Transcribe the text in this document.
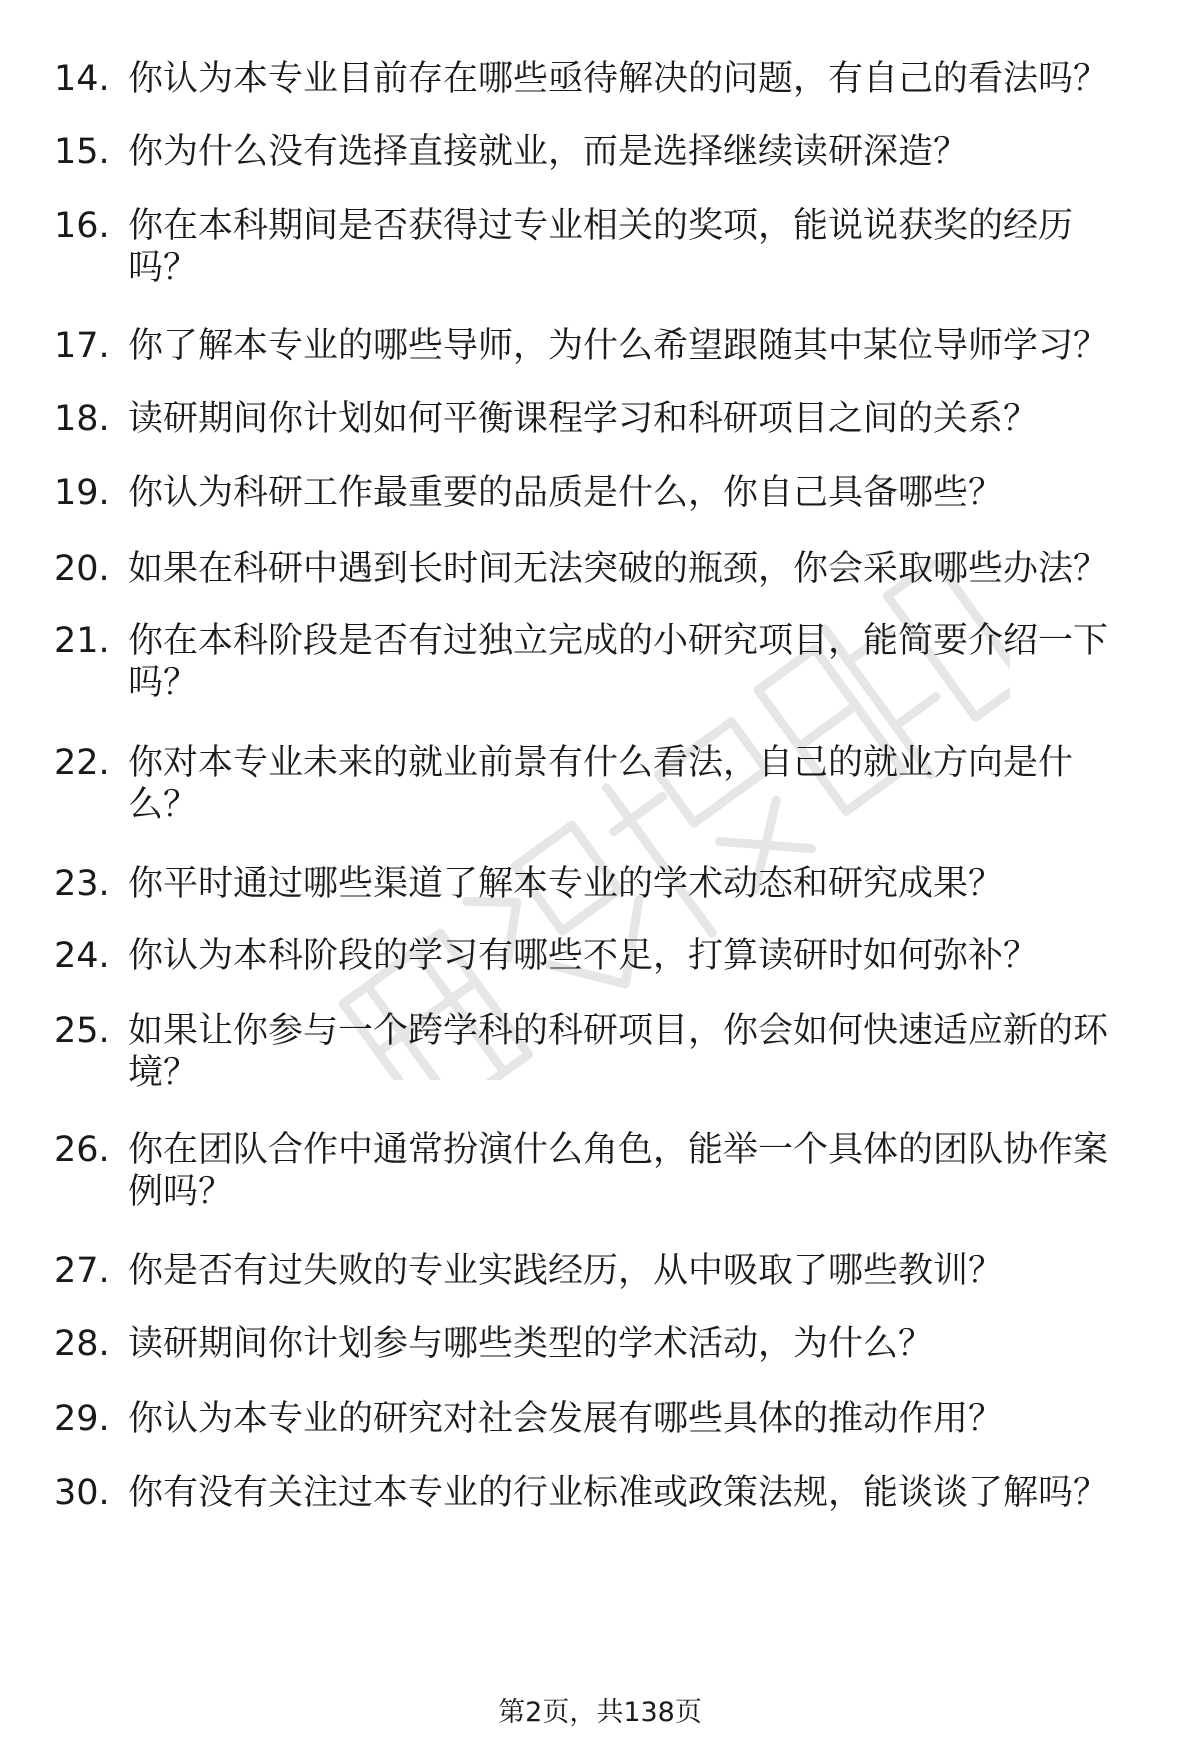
14. 你认为本专业目前存在哪些亟待解决的问题，有自己的看法吗？
15. 你为什么没有选择直接就业，而是选择继续读研深造？
16. 你在本科期间是否获得过专业相关的奖项，能说说获奖的经历吗？
17. 你了解本专业的哪些导师，为什么希望跟随其中某位导师学习？
18. 读研期间你计划如何平衡课程学习和科研项目之间的关系？
19. 你认为科研工作最重要的品质是什么，你自己具备哪些？
20. 如果在科研中遇到长时间无法突破的瓶颈，你会采取哪些办法？
21. 你在本科阶段是否有过独立完成的小研究项目，能简要介绍一下吗？
22. 你对本专业未来的就业前景有什么看法，自己的就业方向是什么？
23. 你平时通过哪些渠道了解本专业的学术动态和研究成果？
24. 你认为本科阶段的学习有哪些不足，打算读研时如何弥补？
25. 如果让你参与一个跨学科的科研项目，你会如何快速适应新的环境？
26. 你在团队合作中通常扮演什么角色，能举一个具体的团队协作案例吗？
27. 你是否有过失败的专业实践经历，从中吸取了哪些教训？
28. 读研期间你计划参与哪些类型的学术活动，为什么？
29. 你认为本专业的研究对社会发展有哪些具体的推动作用？
30. 你有没有关注过本专业的行业标准或政策法规，能谈谈了解吗？
第2页，共138页
